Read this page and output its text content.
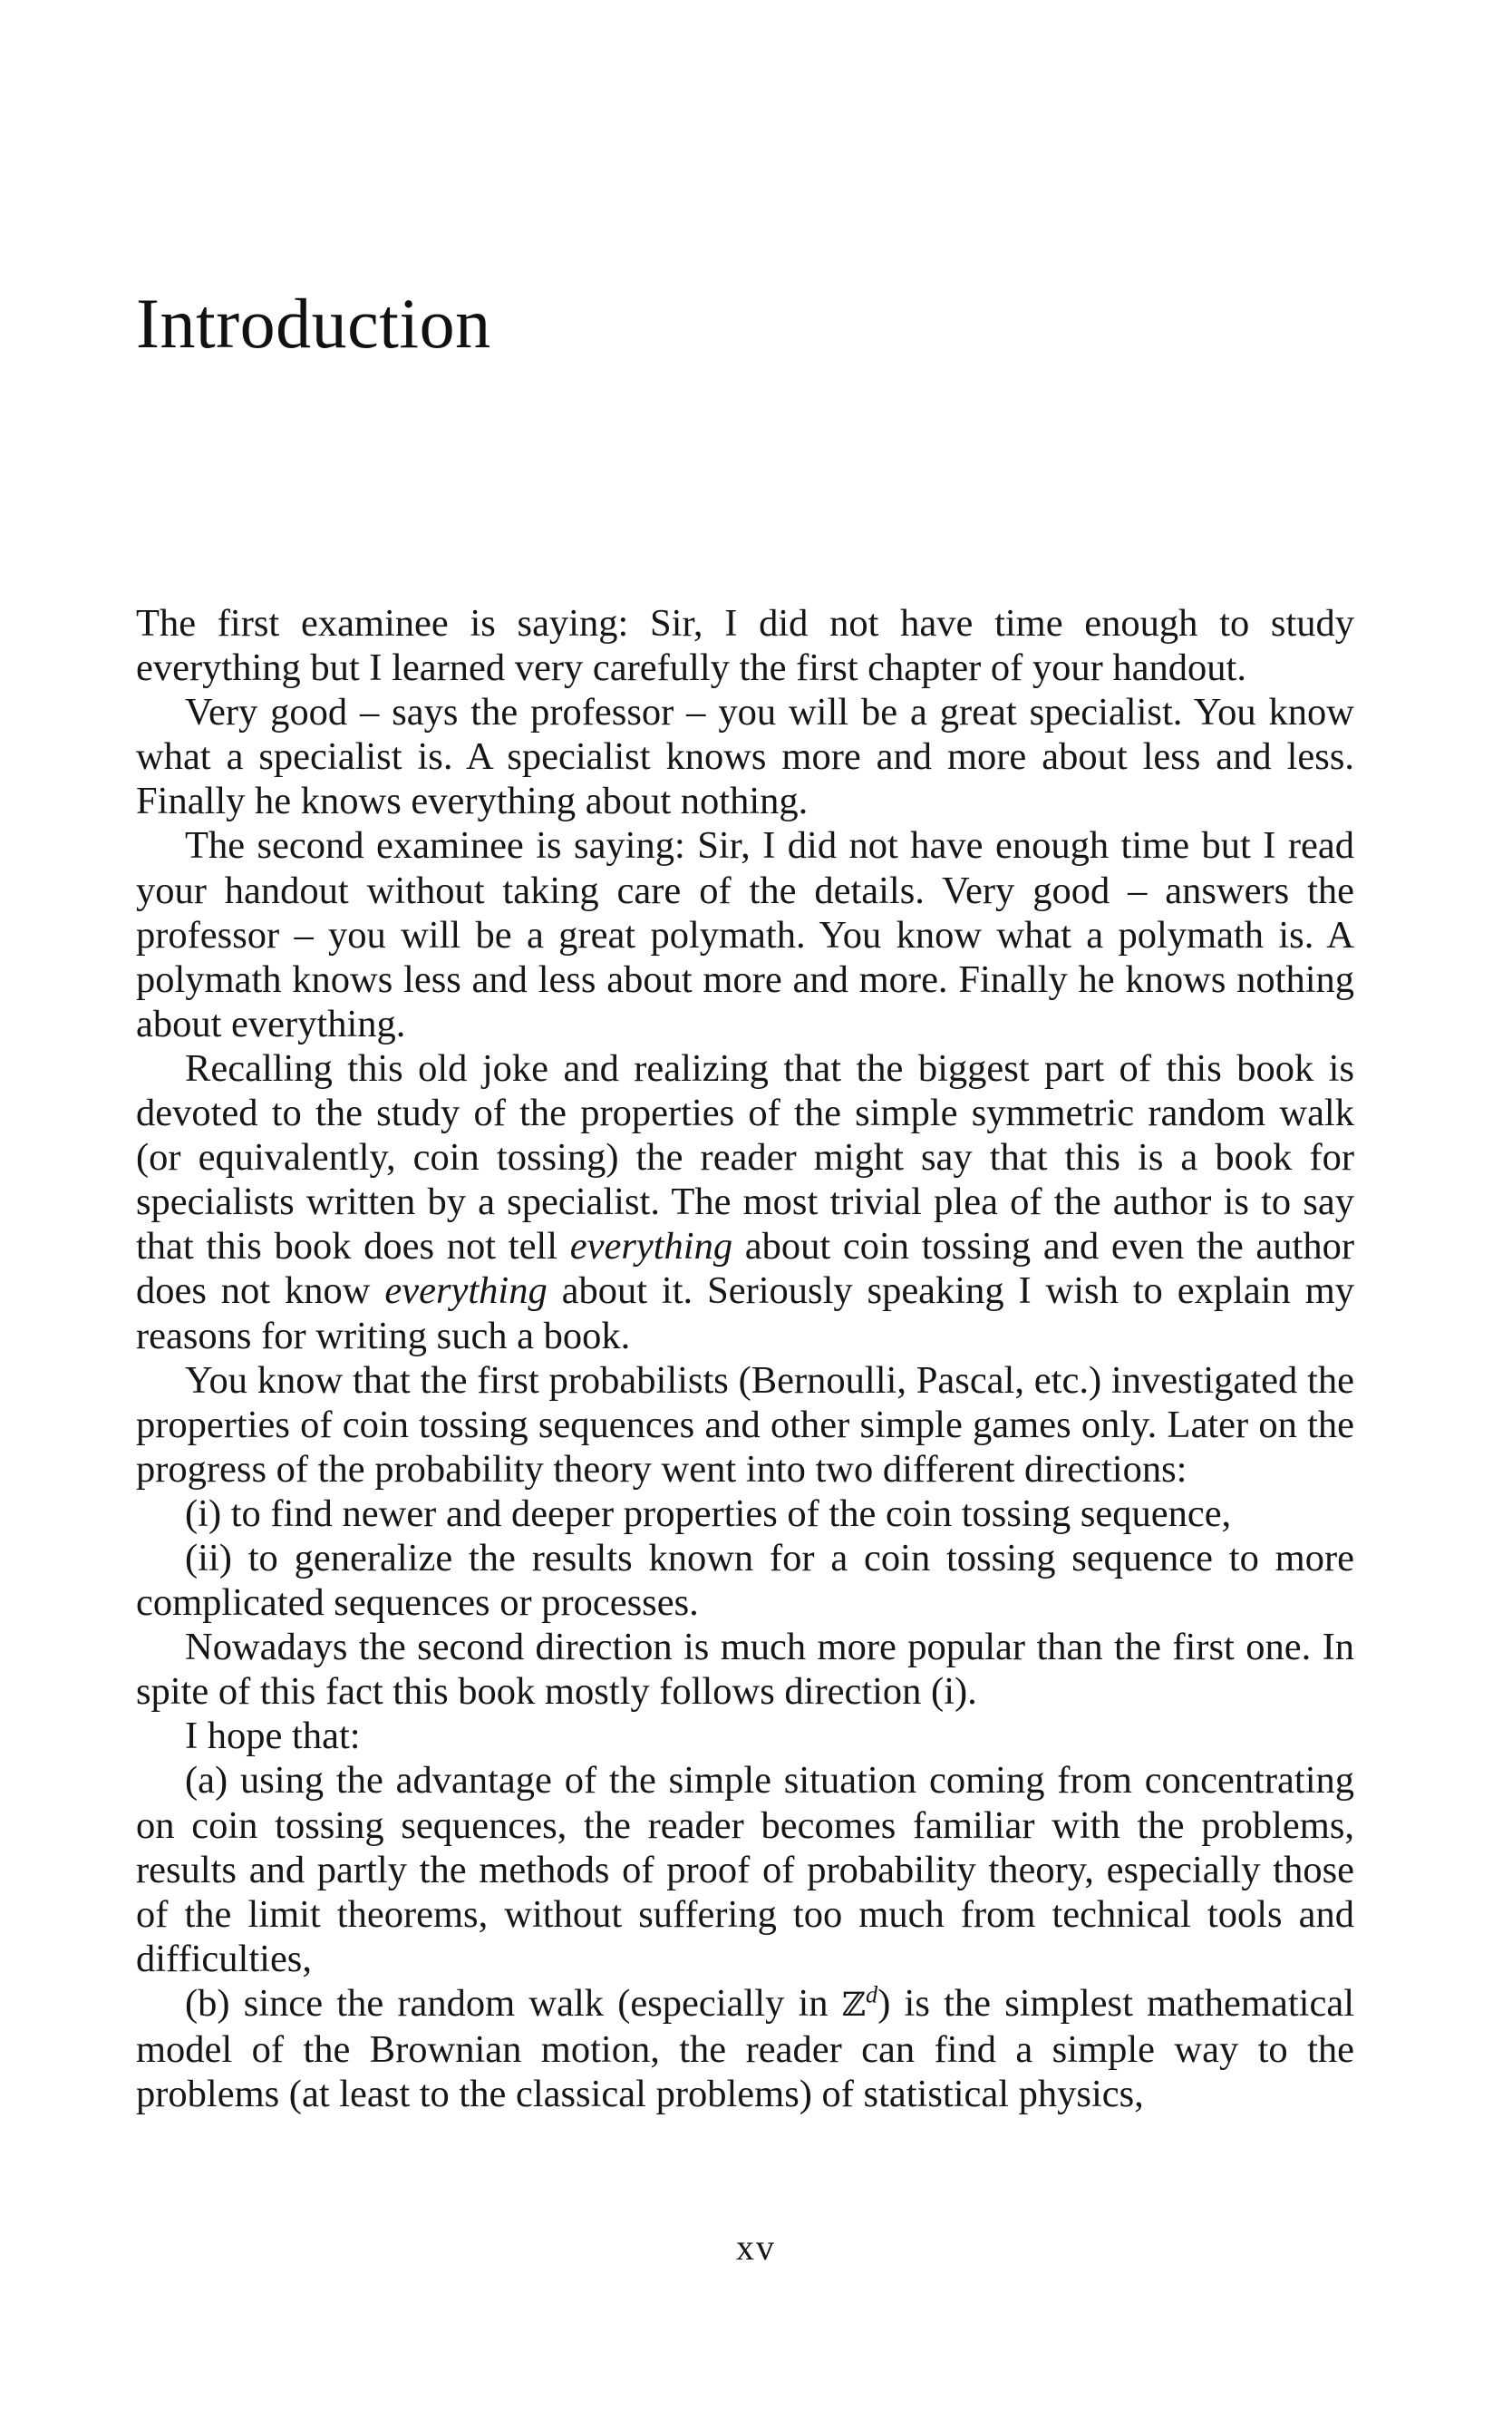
Introduction

The first examinee is saying: Sir, I did not have time enough to study everything but I learned very carefully the first chapter of your handout.

Very good – says the professor – you will be a great specialist. You know what a specialist is. A specialist knows more and more about less and less. Finally he knows everything about nothing.

The second examinee is saying: Sir, I did not have enough time but I read your handout without taking care of the details. Very good – answers the professor – you will be a great polymath. You know what a polymath is. A polymath knows less and less about more and more. Finally he knows nothing about everything.

Recalling this old joke and realizing that the biggest part of this book is devoted to the study of the properties of the simple symmetric random walk (or equivalently, coin tossing) the reader might say that this is a book for specialists written by a specialist. The most trivial plea of the author is to say that this book does not tell everything about coin tossing and even the author does not know everything about it. Seriously speaking I wish to explain my reasons for writing such a book.

You know that the first probabilists (Bernoulli, Pascal, etc.) investigated the properties of coin tossing sequences and other simple games only. Later on the progress of the probability theory went into two different directions:

(i) to find newer and deeper properties of the coin tossing sequence,

(ii) to generalize the results known for a coin tossing sequence to more complicated sequences or processes.

Nowadays the second direction is much more popular than the first one. In spite of this fact this book mostly follows direction (i).

I hope that:

(a) using the advantage of the simple situation coming from concentrating on coin tossing sequences, the reader becomes familiar with the problems, results and partly the methods of proof of probability theory, especially those of the limit theorems, without suffering too much from technical tools and difficulties,

(b) since the random walk (especially in ℤ$^d$) is the simplest mathematical model of the Brownian motion, the reader can find a simple way to the problems (at least to the classical problems) of statistical physics,

xv
